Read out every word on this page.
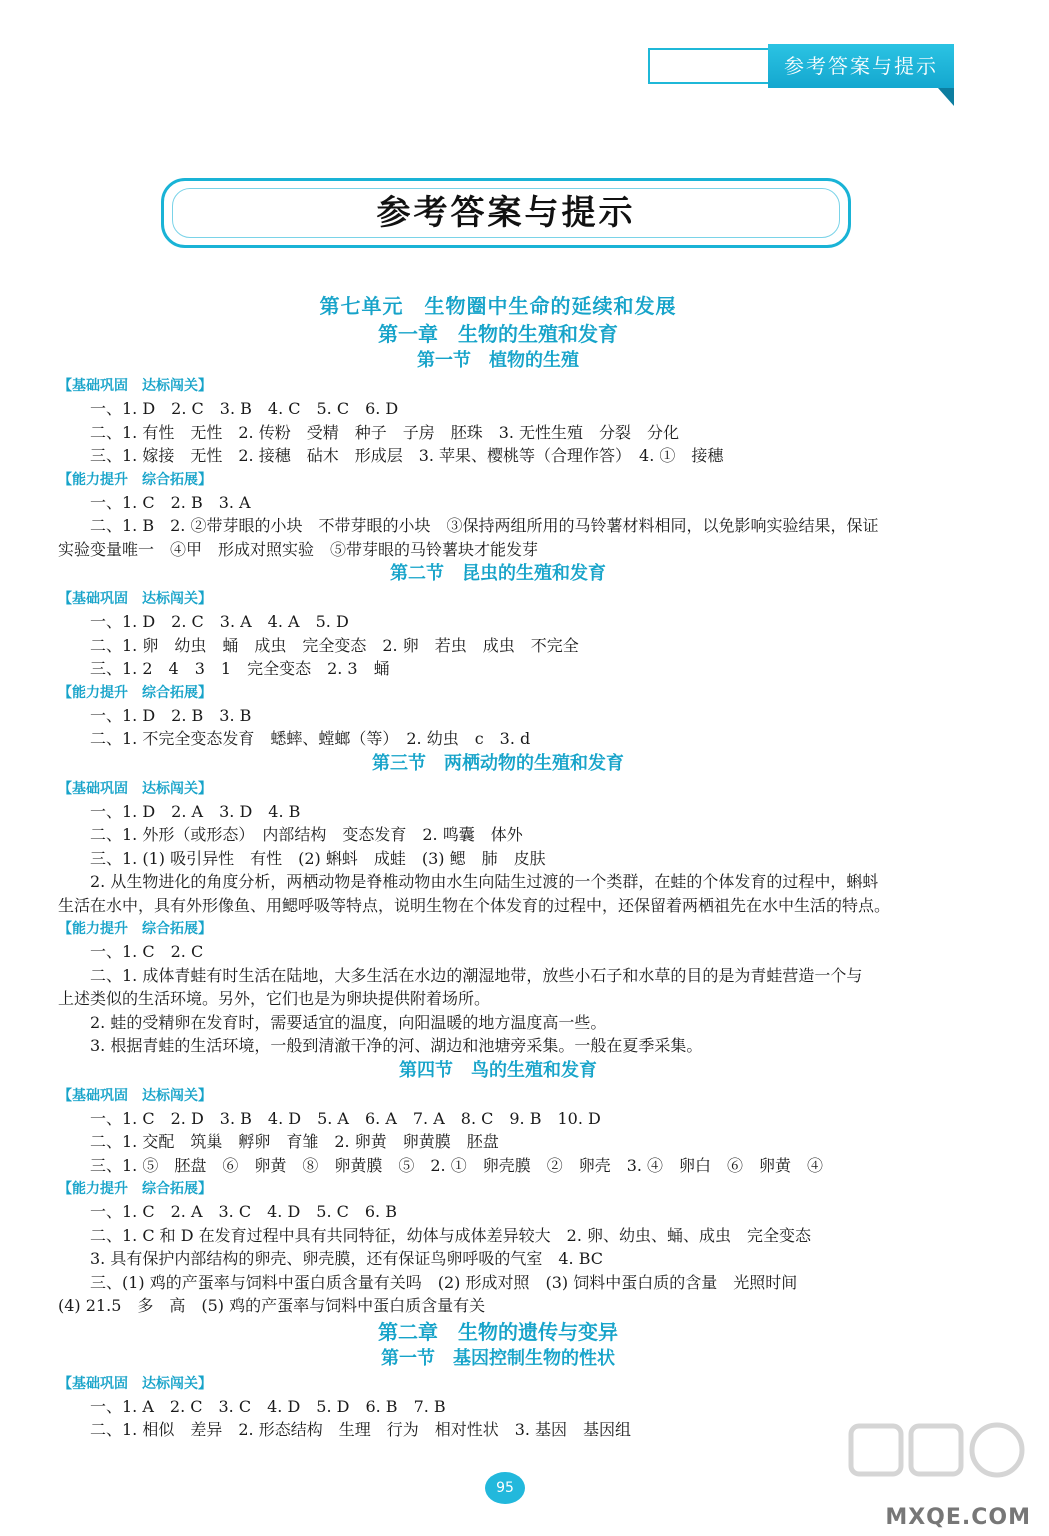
参考答案与提示
参考答案与提示

第七单元　生物圈中生命的延续和发展

第一章　生物的生殖和发育

第一节　植物的生殖

【基础巩固　达标闯关】

一、1. D　2. C　3. B　4. C　5. C　6. D

二、1. 有性　无性　2. 传粉　受精　种子　子房　胚珠　3. 无性生殖　分裂　分化

三、1. 嫁接　无性　2. 接穗　砧木　形成层　3. 苹果、樱桃等（合理作答）　4. ①　接穗

【能力提升　综合拓展】

一、1. C　2. B　3. A

二、1. B　2. ②带芽眼的小块　不带芽眼的小块　③保持两组所用的马铃薯材料相同，以免影响实验结果，保证

实验变量唯一　④甲　形成对照实验　⑤带芽眼的马铃薯块才能发芽

第二节　昆虫的生殖和发育

【基础巩固　达标闯关】

一、1. D　2. C　3. A　4. A　5. D

二、1. 卵　幼虫　蛹　成虫　完全变态　2. 卵　若虫　成虫　不完全

三、1. 2　4　3　1　完全变态　2. 3　蛹

【能力提升　综合拓展】

一、1. D　2. B　3. B

二、1. 不完全变态发育　蟋蟀、螳螂（等）　2. 幼虫　c　3. d

第三节　两栖动物的生殖和发育

【基础巩固　达标闯关】

一、1. D　2. A　3. D　4. B

二、1. 外形（或形态）　内部结构　变态发育　2. 鸣囊　体外

三、1. (1) 吸引异性　有性　(2) 蝌蚪　成蛙　(3) 鳃　肺　皮肤

2. 从生物进化的角度分析，两栖动物是脊椎动物由水生向陆生过渡的一个类群，在蛙的个体发育的过程中，蝌蚪

生活在水中，具有外形像鱼、用鳃呼吸等特点，说明生物在个体发育的过程中，还保留着两栖祖先在水中生活的特点。

【能力提升　综合拓展】

一、1. C　2. C

二、1. 成体青蛙有时生活在陆地，大多生活在水边的潮湿地带，放些小石子和水草的目的是为青蛙营造一个与

上述类似的生活环境。另外，它们也是为卵块提供附着场所。

2. 蛙的受精卵在发育时，需要适宜的温度，向阳温暖的地方温度高一些。

3. 根据青蛙的生活环境，一般到清澈干净的河、湖边和池塘旁采集。一般在夏季采集。

第四节　鸟的生殖和发育

【基础巩固　达标闯关】

一、1. C　2. D　3. B　4. D　5. A　6. A　7. A　8. C　9. B　10. D

二、1. 交配　筑巢　孵卵　育雏　2. 卵黄　卵黄膜　胚盘

三、1. ⑤　胚盘　⑥　卵黄　⑧　卵黄膜　⑤　2. ①　卵壳膜　②　卵壳　3. ④　卵白　⑥　卵黄　④

【能力提升　综合拓展】

一、1. C　2. A　3. C　4. D　5. C　6. B

二、1. C 和 D 在发育过程中具有共同特征，幼体与成体差异较大　2. 卵、幼虫、蛹、成虫　完全变态

3. 具有保护内部结构的卵壳、卵壳膜，还有保证鸟卵呼吸的气室　4. BC

三、(1) 鸡的产蛋率与饲料中蛋白质含量有关吗　(2) 形成对照　(3) 饲料中蛋白质的含量　光照时间

(4) 21.5　多　高　(5) 鸡的产蛋率与饲料中蛋白质含量有关

第二章　生物的遗传与变异

第一节　基因控制生物的性状

【基础巩固　达标闯关】

一、1. A　2. C　3. C　4. D　5. D　6. B　7. B

二、1. 相似　差异　2. 形态结构　生理　行为　相对性状　3. 基因　基因组

95
MXQE.COM
